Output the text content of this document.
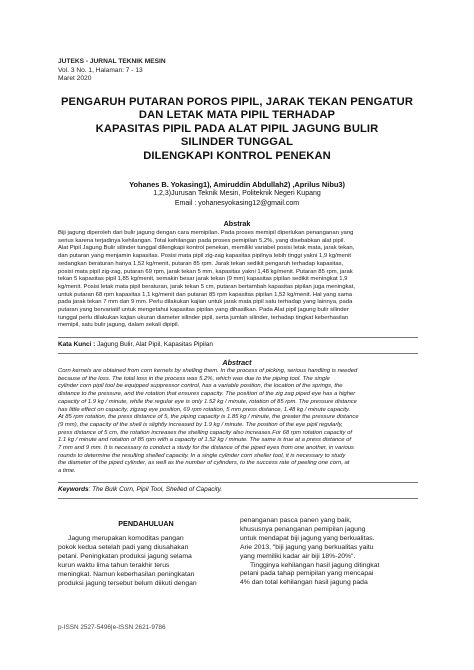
JUTEKS - JURNAL TEKNIK MESIN
Vol. 3 No. 1, Halaman: 7 - 13
Maret 2020
PENGARUH PUTARAN POROS PIPIL, JARAK TEKAN PENGATUR
DAN LETAK MATA PIPIL TERHADAP
KAPASITAS PIPIL PADA ALAT PIPIL JAGUNG BULIR
SILINDER TUNGGAL
DILENGKAPI KONTROL PENEKAN
Yohanes B. Yokasing1), Amiruddin Abdullah2) ,Aprilus Nibu3)
1,2,3)Jurusan Teknik Mesin, Politeknik Negeri Kupang
Email : yohanesyokasing12@gmail.com
Abstrak
Biji jagung diperoleh dari bulir jagung dengan cara memipilan. Pada proses memipil diperlukan penanganan yang
serius karena terjadinya kehilangan. Total kehilangan pada proses pemipilan 5,2%, yang disebabkan alat pipil.
Alat Pipil Jagung Bulir silinder tunggal dilengkapi kontrol penekan, memiliki variabel posisi letak mata, jarak tekan,
dan putaran yang menjamin kapasitas. Posisi mata pipil zig-zag kapasitas pipilnya lebih tinggi yakni 1,9 kg/menit
sedangkan beraturan hanya 1,52 kg/menit, putaran 85 rpm. Jarak tekan sedikit pengaruh terhadap kapasitas,
posisi mata pipil zig-zag, putaran 69 rpm, jarak tekan 5 mm, kapasitas yakni 1,48 kg/menit. Putaran 85 rpm, jarak
tekan 5 kapasitas pipil 1,85 kg/menit, semakin besar jarak tekan (9 mm) kapasitas pipilan sedikit meningkat 1,9
kg/menit. Posisi letak mata pipil beraturan, jarak tekan 5 cm, putaran bertambah kapasitas pipilan juga meningkat,
untuk putaran 68 rpm kapasitas 1,1 kg/menit dan putaran 85 rpm kapasitas pipilan 1,52 kg/menit. Hal yang sama
pada jarak tekan 7 mm dan 9 mm. Perlu dilakukan kajian untuk jarak mata pipil satu terhadap yang lainnya, pada
putaran yang bervariatif untuk mengetahui kapasitas pipilan yang dihasilkan. Pada Alat pipil jagung bulir silinder
tunggal perlu dilakukan kajian ukuran diameter silinder pipil, serta jumlah silinder, terhadap tingkat keberhasilan
memipil, satu bulir jagung, dalam sekali dipipil.
Kata Kunci : Jagung Bulir, Alat Pipil, Kapasitas Pipilan
Abstract
Corn kernels are obtained from corn kernels by shelling them. In the process of picking, serious handling is needed
because of the loss. The total loss in the process was 5.2%, which was due to the piping tool. The single
cylinder corn pipil tool be equipped suppressor control, has a variable position, the location of the springs, the
distance to the pressure, and the rotation that ensures capacity. The position of the zig zag piped eye has a higher
capacity of 1.9 kg / minute, while the regular eye is only 1.52 kg / minute, rotation of 85 rpm. The pressure distance
has little effect on capacity, zigzag eye position, 69 rpm rotation, 5 mm press distance, 1.48 kg / minute capacity.
At 85 rpm rotation, the press distance of 5, the piping capacity is 1.85 kg / minute, the greater the pressure distance
(9 mm), the capacity of the shell is slightly increased by 1.9 kg / minute. The position of the eye pipil regularly,
press distance of 5 cm, the rotation increases the shelling capacity also increases.For 68 rpm rotation capacity of
1.1 kg / minute and rotation of 85 rpm with a capacity of 1.52 kg / minute. The same is true at a press distance of
7 mm and 9 mm. It is necessary to conduct a study for the distance of the piped eyes from one another, in various
rounds to determine the resulting shelled capacity. In a single cylinder corn sheller tool, it is necessary to study
the diameter of the piped cylinder, as well as the number of cylinders, to the success rate of peeling one corn, at
a time.
Keywords: The Bulk Corn, Pipil Tool, Shelled of Capacity.
PENDAHULUAN
Jagung merupakan komoditas pangan
pokok kedua setelah padi yang diusahakan
petani. Peningkatan produksi jagung selama
kurun waktu lima tahun terakhir terus
meningkat. Namun keberhasilan peningkatan
produksi jagung tersebut belum diikuti dengan
penanganan pasca panen yang baik,
khususnya penanganan pemipilan jagung
untuk mendapat biji jagung yang berkualitas.
Arie 2013, "biji jagung yang berkualitas yaitu
yang memiliki kadar air biji 18%-20%".
Tingginya kehilangan hasil jagung ditingkat
petani pada tahap pemipilan yang mencapai
4% dan total kehilangan hasil jagung pada
p-ISSN 2527-5496|e-ISSN 2621-9786
